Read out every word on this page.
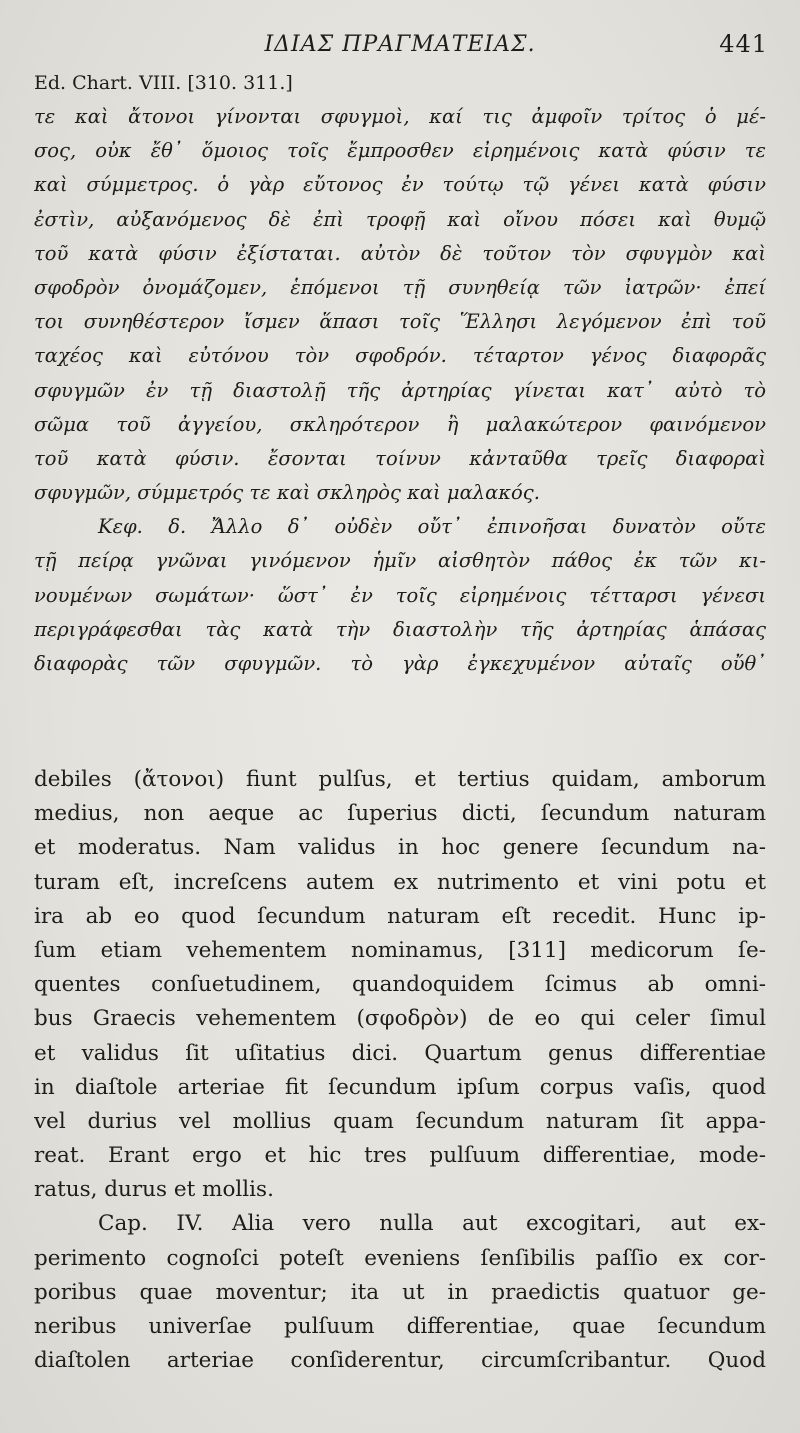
ΙΔΙΑΣ ΠΡΑΓΜΑΤΕΙΑΣ.	441
Ed. Chart. VIII. [310. 311.]
τε καὶ ἄτονοι γίνονται σφυγμοὶ, καί τις ἀμφοῖν τρίτος ὁ μέ-
σος, οὐκ ἔθ᾽ ὅμοιος τοῖς ἔμπροσθεν εἰρημένοις κατὰ φύσιν τε
καὶ σύμμετρος. ὁ γὰρ εὔτονος ἐν τούτῳ τῷ γένει κατὰ φύσιν
ἐστὶν, αὐξανόμενος δὲ ἐπὶ τροφῇ καὶ οἴνου πόσει καὶ θυμῷ
τοῦ κατὰ φύσιν ἐξίσταται. αὐτὸν δὲ τοῦτον τὸν σφυγμὸν καὶ
σφοδρὸν ὀνομάζομεν, ἑπόμενοι τῇ συνηθείᾳ τῶν ἰατρῶν· ἐπεί
τοι συνηθέστερον ἴσμεν ἅπασι τοῖς Ἕλλησι λεγόμενον ἐπὶ τοῦ
ταχέος καὶ εὐτόνου τὸν σφοδρόν. τέταρτον γένος διαφορᾶς
σφυγμῶν ἐν τῇ διαστολῇ τῆς ἀρτηρίας γίνεται κατ᾽ αὐτὸ τὸ
σῶμα τοῦ ἀγγείου, σκληρότερον ἢ μαλακώτερον φαινόμενον
τοῦ κατὰ φύσιν. ἔσονται τοίνυν κἀνταῦθα τρεῖς διαφοραὶ
σφυγμῶν, σύμμετρός τε καὶ σκληρὸς καὶ μαλακός.
Κεφ. δ. Ἄλλο δ᾽ οὐδὲν οὔτ᾽ ἐπινοῆσαι δυνατὸν οὔτε
τῇ πείρᾳ γνῶναι γινόμενον ἡμῖν αἰσθητὸν πάθος ἐκ τῶν κι-
νουμένων σωμάτων· ὥστ᾽ ἐν τοῖς εἰρημένοις τέτταρσι γένεσι
περιγράφεσθαι τὰς κατὰ τὴν διαστολὴν τῆς ἀρτηρίας ἁπάσας
διαφορὰς τῶν σφυγμῶν. τὸ γὰρ ἐγκεχυμένον αὐταῖς οὔθ᾽
debiles (ἄτονοι) fiunt pulſus, et tertius quidam, amborum
medius, non aeque ac ſuperius dicti, ſecundum naturam
et moderatus. Nam validus in hoc genere ſecundum na-
turam eſt, increſcens autem ex nutrimento et vini potu et
ira ab eo quod ſecundum naturam eſt recedit. Hunc ip-
ſum etiam vehementem nominamus, [311] medicorum ſe-
quentes conſuetudinem, quandoquidem ſcimus ab omni-
bus Graecis vehementem (σφοδρὸν) de eo qui celer ſimul
et validus ſit uſitatius dici. Quartum genus differentiae
in diaſtole arteriae fit ſecundum ipſum corpus vaſis, quod
vel durius vel mollius quam ſecundum naturam ſit appa-
reat. Erant ergo et hic tres pulſuum differentiae, mode-
ratus, durus et mollis.
Cap. IV. Alia vero nulla aut excogitari, aut ex-
perimento cognoſci poteſt eveniens ſenſibilis paſſio ex cor-
poribus quae moventur; ita ut in praedictis quatuor ge-
neribus univerſae pulſuum differentiae, quae ſecundum
diaſtolen arteriae conſiderentur, circumſcribantur. Quod
